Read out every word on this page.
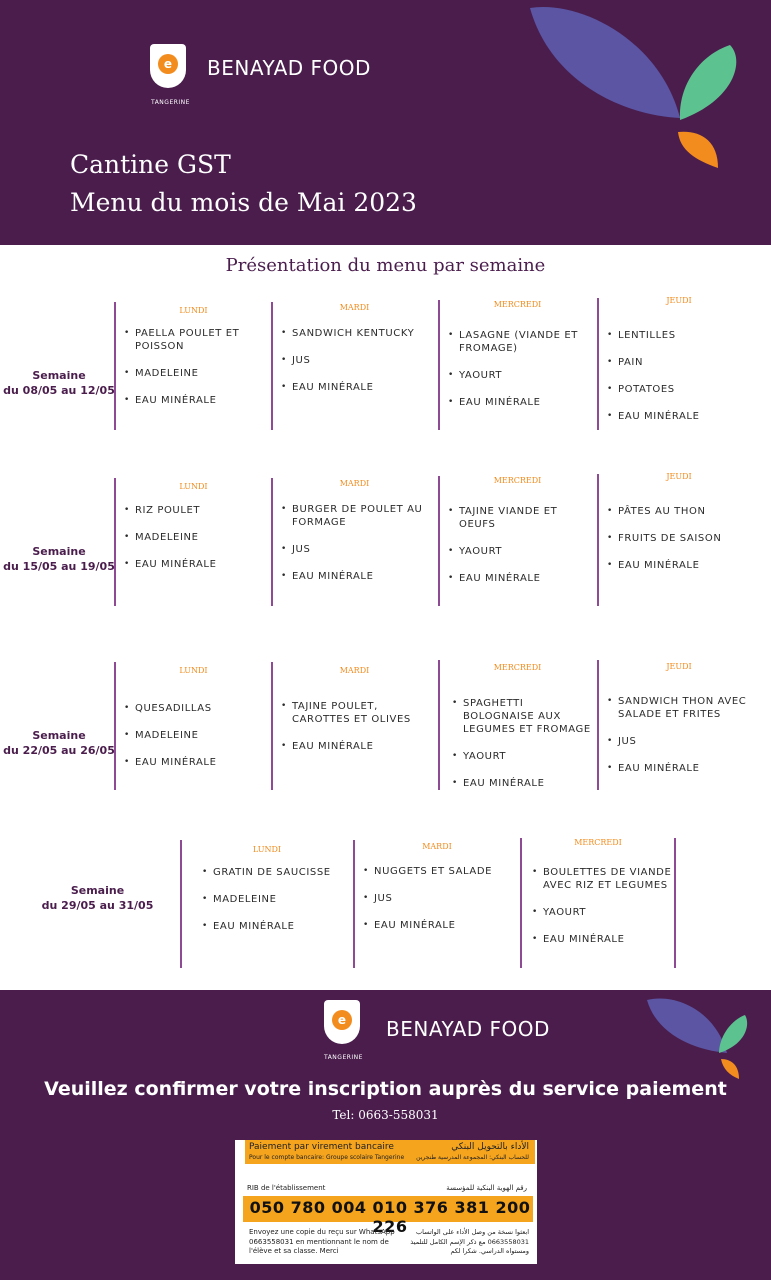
e
TANGERINE
BENAYAD FOOD
Cantine GST
Menu du mois de Mai 2023
Présentation du menu par semaine
Semaine
du 08/05 au 12/05
LUNDI
• PAELLA POULET ET POISSON
• MADELEINE
• EAU MINÉRALE
MARDI
• SANDWICH KENTUCKY
• JUS
• EAU MINÉRALE
MERCREDI
• LASAGNE (VIANDE ET FROMAGE)
• YAOURT
• EAU MINÉRALE
JEUDI
• LENTILLES
• PAIN
• POTATOES
• EAU MINÉRALE
Semaine
du 15/05 au 19/05
LUNDI
• RIZ POULET
• MADELEINE
• EAU MINÉRALE
MARDI
• BURGER DE POULET AU FORMAGE
• JUS
• EAU MINÉRALE
MERCREDI
• TAJINE VIANDE ET OEUFS
• YAOURT
• EAU MINÉRALE
JEUDI
• PÂTES AU THON
• FRUITS DE SAISON
• EAU MINÉRALE
Semaine
du 22/05 au 26/05
LUNDI
• QUESADILLAS
• MADELEINE
• EAU MINÉRALE
MARDI
• TAJINE POULET, CAROTTES ET OLIVES
• EAU MINÉRALE
MERCREDI
• SPAGHETTI BOLOGNAISE AUX LEGUMES ET FROMAGE
• YAOURT
• EAU MINÉRALE
JEUDI
• SANDWICH THON AVEC SALADE ET FRITES
• JUS
• EAU MINÉRALE
Semaine
du 29/05 au 31/05
LUNDI
• GRATIN DE SAUCISSE
• MADELEINE
• EAU MINÉRALE
MARDI
• NUGGETS ET SALADE
• JUS
• EAU MINÉRALE
MERCREDI
• BOULETTES DE VIANDE AVEC RIZ ET LEGUMES
• YAOURT
• EAU MINÉRALE
e
TANGERINE
BENAYAD FOOD
Veuillez confirmer votre inscription auprès du service paiement
Tel: 0663-558031
Paiement par virement bancaire
Pour le compte bancaire: Groupe scolaire Tangerine
الأداء بالتحويل البنكي
للحساب البنكي: المجموعة المدرسية طنجرين
RIB de l'établissement	رقم الهوية البنكية للمؤسسة
050 780 004 010 376 381 200 226
Envoyez une copie du reçu sur WhatsApp 0663558031 en mentionnant le nom de l'élève et sa classe. Merci
ابعثوا نسخة من وصل الأداء على الواتساب 0663558031 مع ذكر الإسم الكامل للتلميذ ومستواه الدراسي. شكرا لكم
